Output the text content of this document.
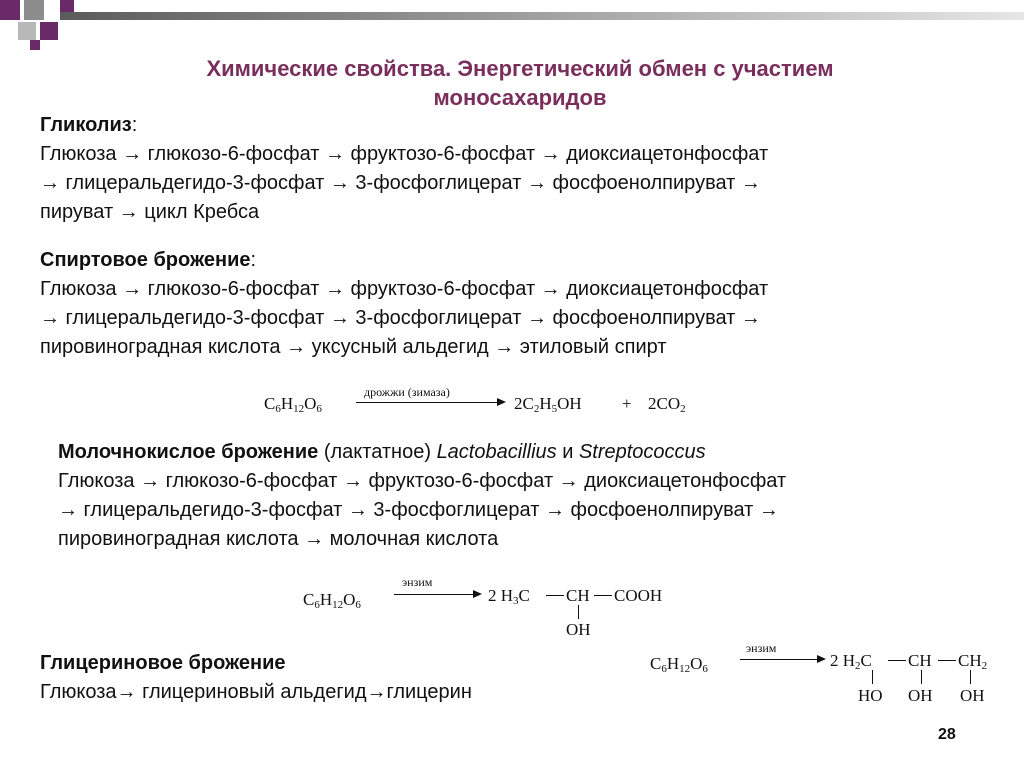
Химические свойства. Энергетический обмен с участием
моносахаридов

Гликолиз:

Глюкоза → глюкозо-6-фосфат → фруктозо-6-фосфат → диоксиацетонфосфат

→ глицеральдегидо-3-фосфат → 3-фосфоглицерат → фосфоенолпируват →

пируват → цикл Кребса

Спиртовое брожение:

Глюкоза → глюкозо-6-фосфат → фруктозо-6-фосфат → диоксиацетонфосфат

→ глицеральдегидо-3-фосфат → 3-фосфоглицерат → фосфоенолпируват →

пировиноградная кислота → уксусный альдегид → этиловый спирт

$C_6H_{12}O_6$
дрожжи (зимаза)
$2C_2H_5OH + 2CO_2$

Молочнокислое брожение (лактатное) Lactobacillius и Streptococcus

Глюкоза → глюкозо-6-фосфат → фруктозо-6-фосфат → диоксиацетонфосфат

→ глицеральдегидо-3-фосфат → 3-фосфоглицерат → фосфоенолпируват →

пировиноградная кислота → молочная кислота

$C_6H_{12}O_6$
энзим
2 $H_3C$ CH COOH
OH

Глицериновое брожение

Глюкоза→ глицериновый альдегид→глицерин

$C_6H_{12}O_6$
энзим
2 $H_2C$ CH $CH_2$
HO OH OH
28
